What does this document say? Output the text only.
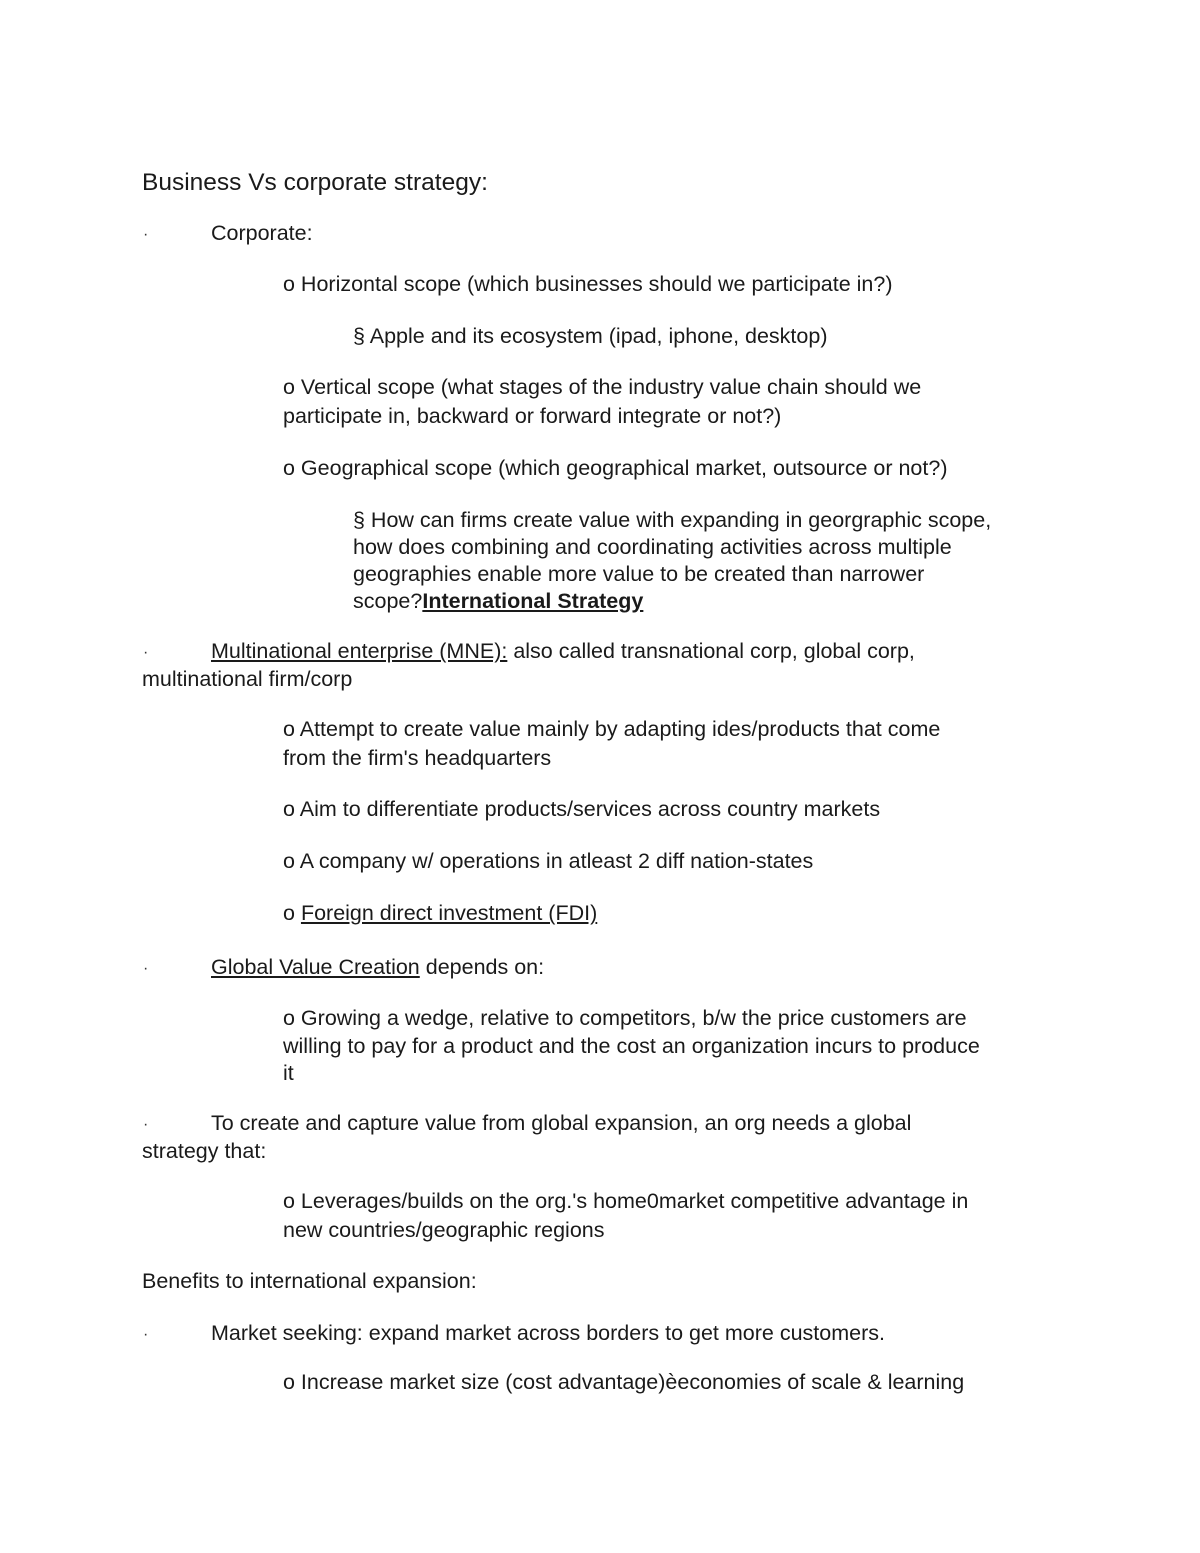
Business Vs corporate strategy:
·	Corporate:
o Horizontal scope (which businesses should we participate in?)
§ Apple and its ecosystem (ipad, iphone, desktop)
o Vertical scope (what stages of the industry value chain should we
participate in, backward or forward integrate or not?)
o Geographical scope (which geographical market, outsource or not?)
§ How can firms create value with expanding in georgraphic scope,
how does combining and coordinating activities across multiple
geographies enable more value to be created than narrower
scope?International Strategy
·	Multinational enterprise (MNE): also called transnational corp, global corp,
multinational firm/corp
o Attempt to create value mainly by adapting ides/products that come
from the firm's headquarters
o Aim to differentiate products/services across country markets
o A company w/ operations in atleast 2 diff nation-states
o Foreign direct investment (FDI)
·	Global Value Creation depends on:
o Growing a wedge, relative to competitors, b/w the price customers are
willing to pay for a product and the cost an organization incurs to produce
it
·	To create and capture value from global expansion, an org needs a global
strategy that:
o Leverages/builds on the org.'s home0market competitive advantage in
new countries/geographic regions
Benefits to international expansion:
·	Market seeking: expand market across borders to get more customers.
o Increase market size (cost advantage)èeconomies of scale & learning
